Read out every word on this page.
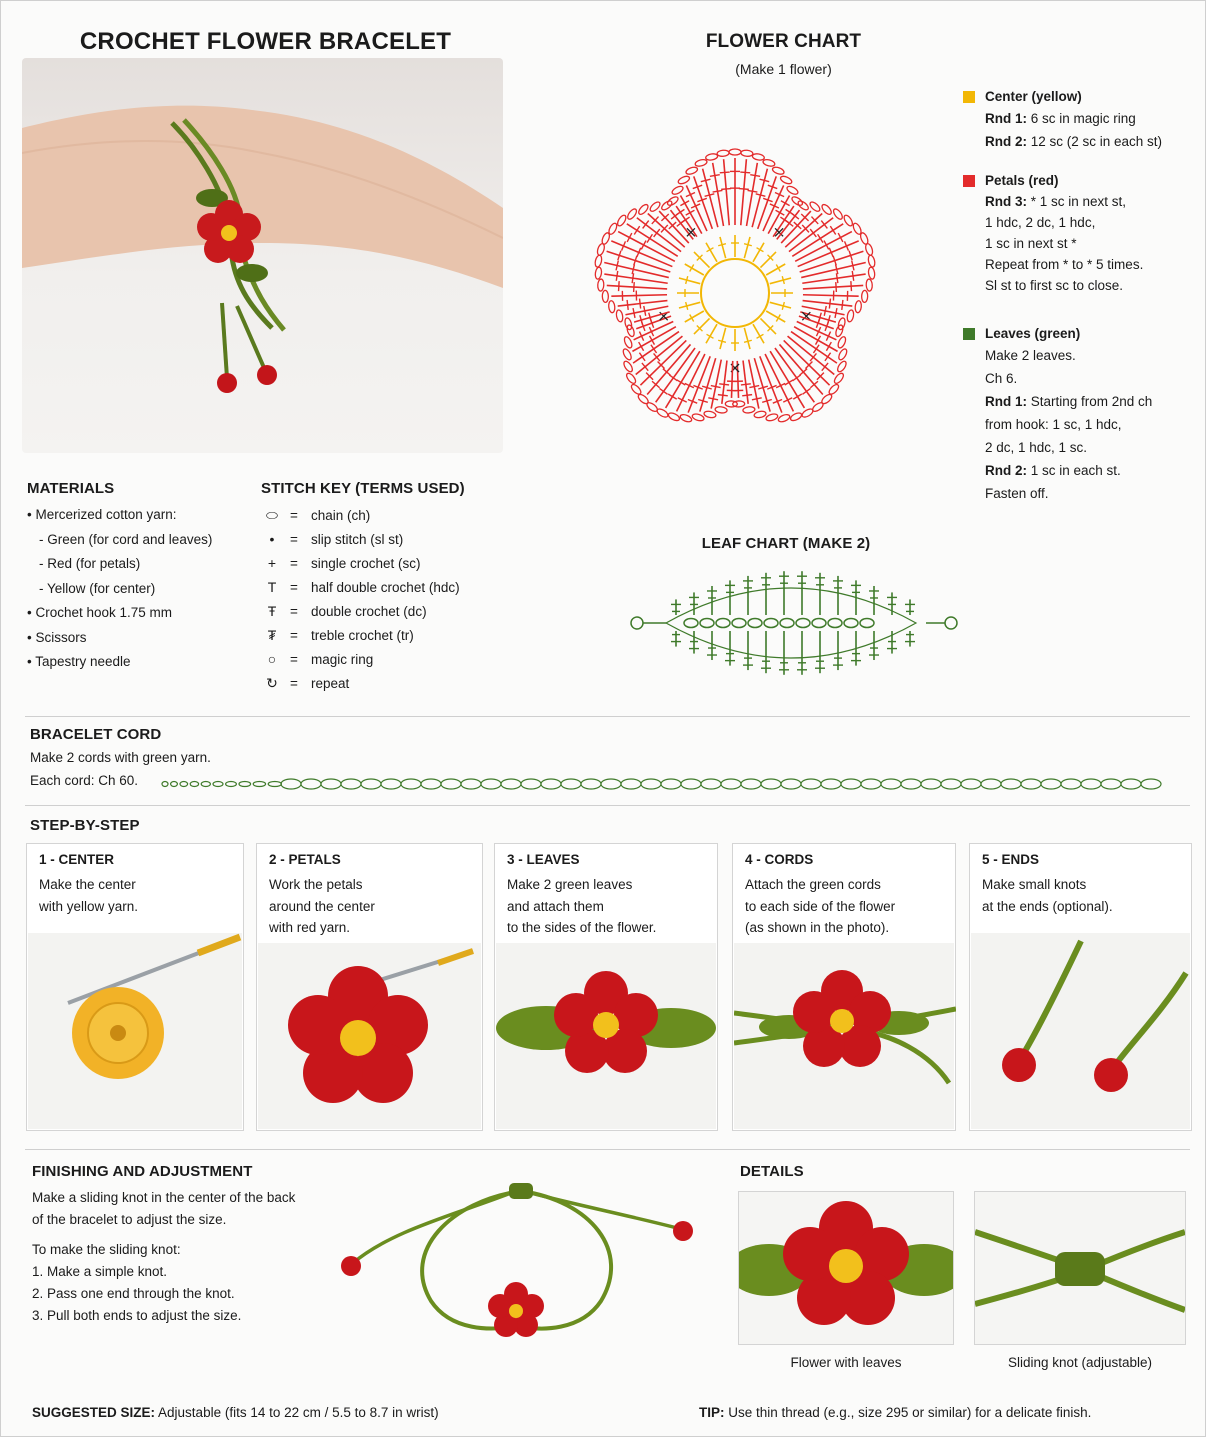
CROCHET FLOWER BRACELET	FLOWER CHART
(Make 1 flower)
Center (yellow)
Rnd 1: 6 sc in magic ring
Rnd 2: 12 sc (2 sc in each st)
Petals (red)
Rnd 3: * 1 sc in next st,
1 hdc, 2 dc, 1 hdc,
1 sc in next st *
Repeat from * to * 5 times.
Sl st to first sc to close.
Leaves (green)
Make 2 leaves.
Ch 6.
Rnd 1: Starting from 2nd ch
from hook: 1 sc, 1 hdc,
2 dc, 1 hdc, 1 sc.
Rnd 2: 1 sc in each st.
Fasten off.
LEAF CHART (MAKE 2)
MATERIALS
• Mercerized cotton yarn:
- Green (for cord and leaves)
- Red (for petals)
- Yellow (for center)
• Crochet hook 1.75 mm
• Scissors
• Tapestry needle
STITCH KEY (TERMS USED)
⬭ = chain (ch)
•	= slip stitch (sl st)
+	= single crochet (sc)
T	= half double crochet (hdc)
Ŧ	= double crochet (dc)
₮	= treble crochet (tr)
○	= magic ring
↻ = repeat
BRACELET CORD
Make 2 cords with green yarn.
Each cord: Ch 60.
STEP-BY-STEP
1 - CENTER
Make the center
with yellow yarn.
2 - PETALS
Work the petals
around the center
with red yarn.
3 - LEAVES
Make 2 green leaves
and attach them
to the sides of the flower.
4 - CORDS
Attach the green cords
to each side of the flower
(as shown in the photo).
5 - ENDS
Make small knots
at the ends (optional).
FINISHING AND ADJUSTMENT
Make a sliding knot in the center of the back
of the bracelet to adjust the size.
To make the sliding knot:
1. Make a simple knot.
2. Pass one end through the knot.
3. Pull both ends to adjust the size.
DETAILS
Flower with leaves	Sliding knot (adjustable)
SUGGESTED SIZE: Adjustable (fits 14 to 22 cm / 5.5 to 8.7 in wrist)	TIP: Use thin thread (e.g., size 295 or similar) for a delicate finish.
